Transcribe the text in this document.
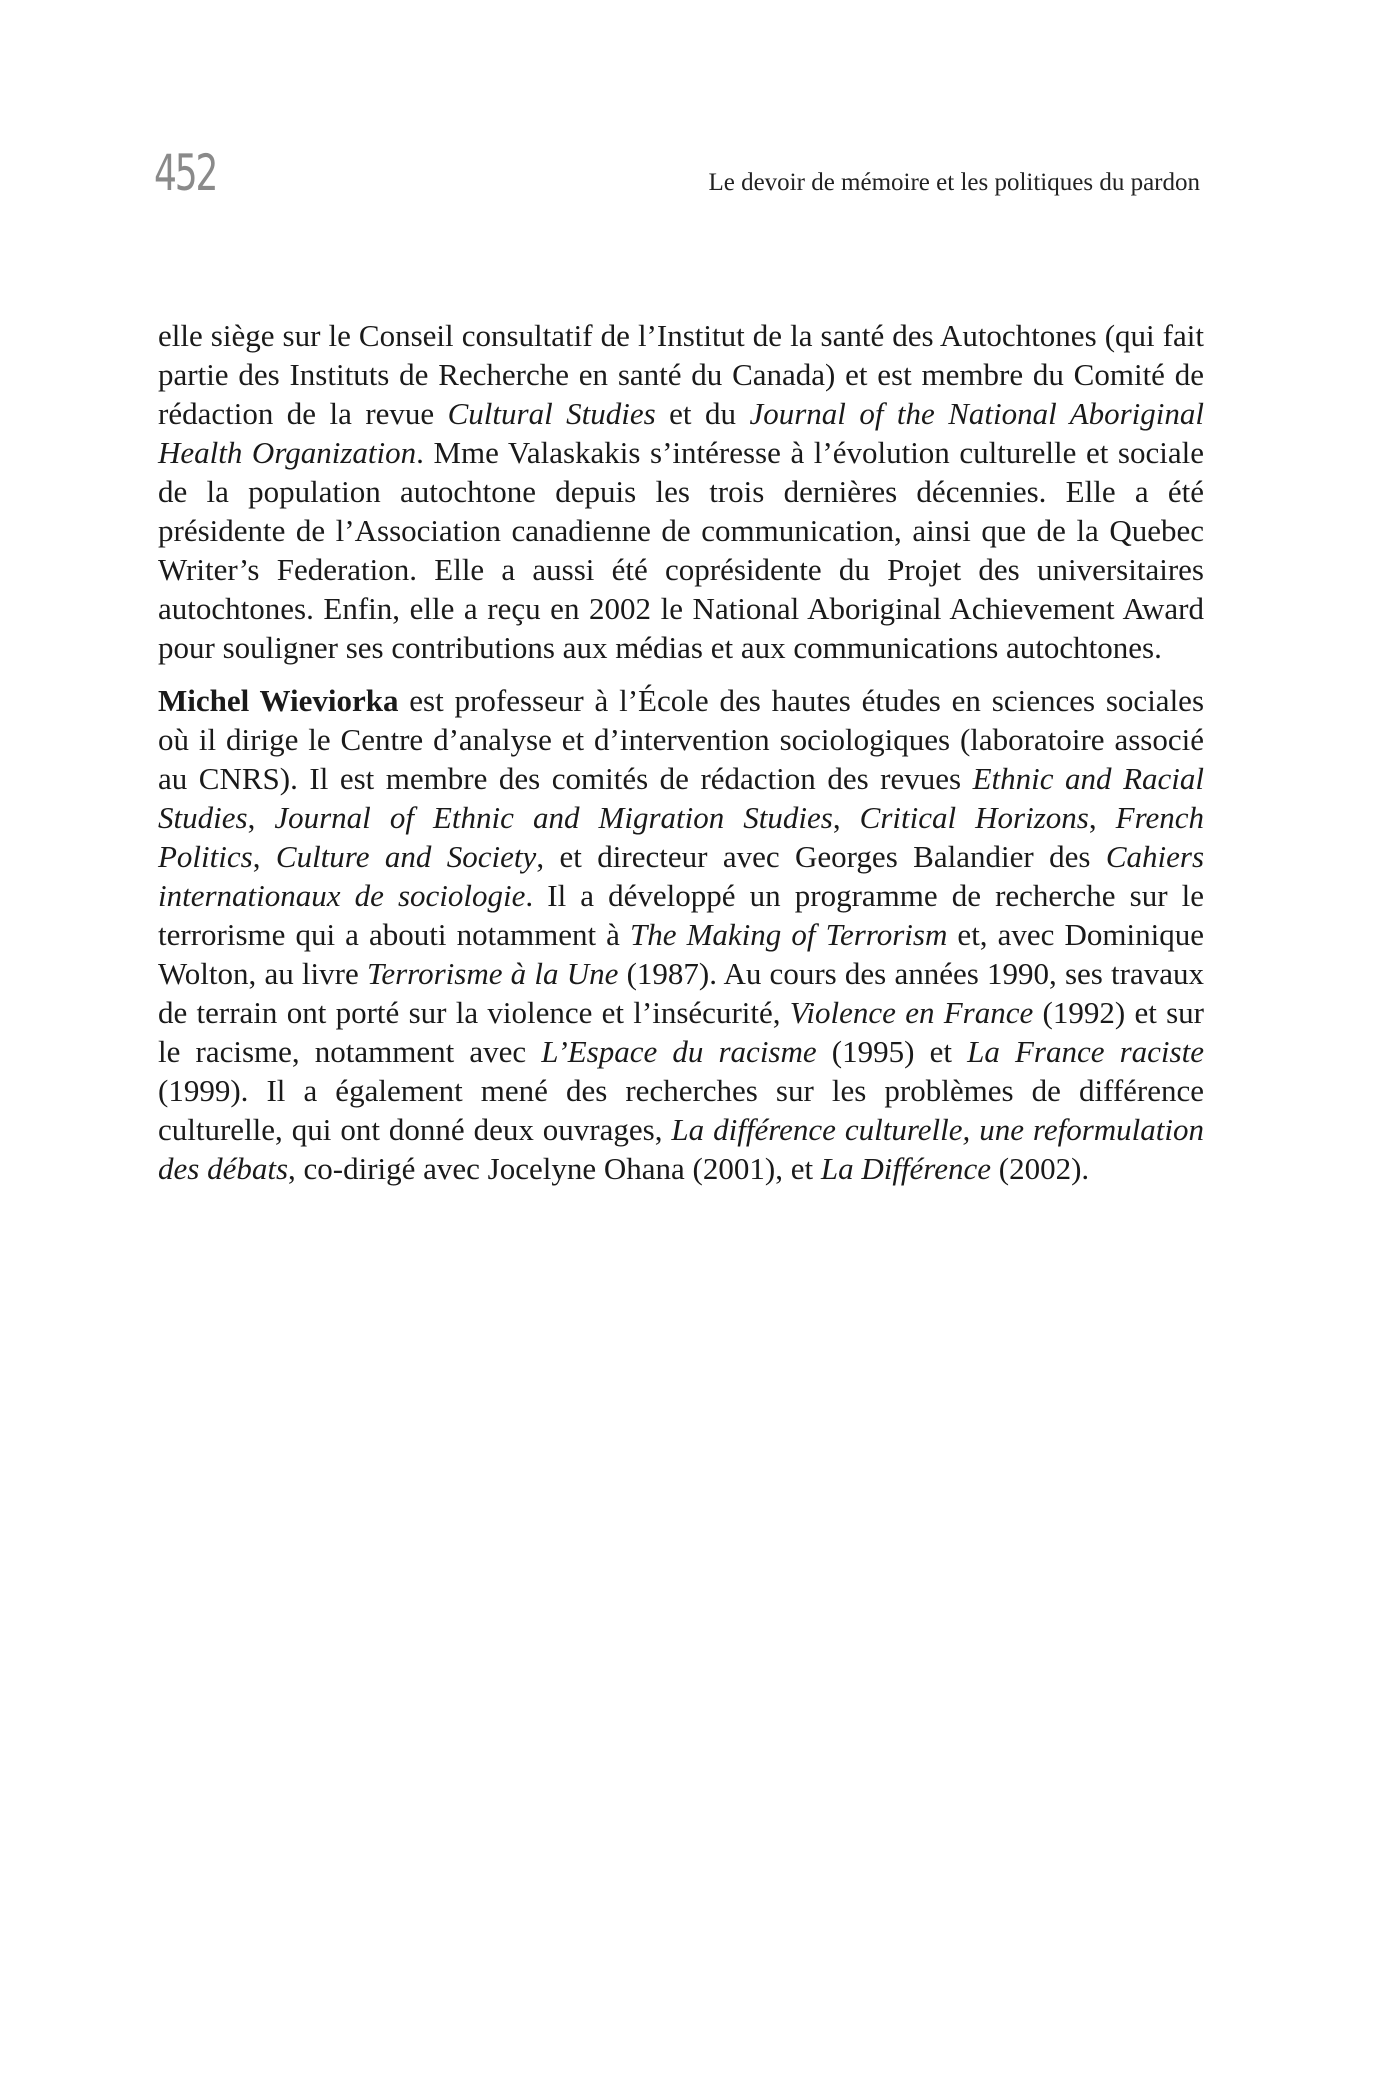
452	Le devoir de mémoire et les politiques du pardon

elle siège sur le Conseil consultatif de l’Institut de la santé des Autochtones (qui fait partie des Instituts de Recherche en santé du Canada) et est membre du Comité de rédaction de la revue Cultural Studies et du Journal of the National Aboriginal Health Organization. Mme Valaskakis s’intéresse à l’évolution culturelle et sociale de la population autochtone depuis les trois dernières décennies. Elle a été présidente de l’Association canadienne de communication, ainsi que de la Quebec Writer’s Federation. Elle a aussi été coprésidente du Projet des universitaires autochtones. Enfin, elle a reçu en 2002 le National Aboriginal Achievement Award pour souligner ses contributions aux médias et aux communications autochtones.

Michel Wieviorka est professeur à l’École des hautes études en sciences sociales où il dirige le Centre d’analyse et d’intervention sociologiques (laboratoire associé au CNRS). Il est membre des comités de rédaction des revues Ethnic and Racial Studies, Journal of Ethnic and Migration Studies, Critical Horizons, French Politics, Culture and Society, et directeur avec Georges Balandier des Cahiers internationaux de sociologie. Il a développé un programme de recherche sur le terrorisme qui a abouti notamment à The Making of Terrorism et, avec Dominique Wolton, au livre Terrorisme à la Une (1987). Au cours des années 1990, ses travaux de terrain ont porté sur la violence et l’insécurité, Violence en France (1992) et sur le racisme, notamment avec L’Espace du racisme (1995) et La France raciste (1999). Il a également mené des recherches sur les problèmes de différence culturelle, qui ont donné deux ouvrages, La différence culturelle, une reformulation des débats, co-dirigé avec Jocelyne Ohana (2001), et La Différence (2002).
